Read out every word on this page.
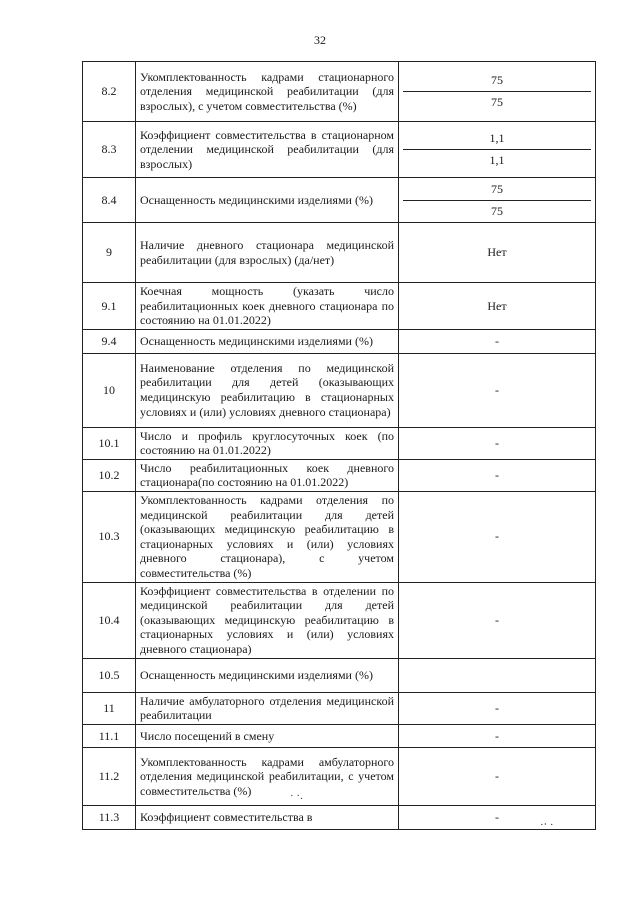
32
8.2	Укомплектованность кадрами стационарного отделения медицинской реабилитации (для взрослых), с учетом совместительства (%)	75
75

8.3	Коэффициент совместительства в стационарном отделении медицинской реабилитации (для взрослых)	1,1
1,1

8.4	Оснащенность медицинскими изделиями (%)	75
75

9	Наличие дневного стационара медицинской реабилитации (для взрослых) (да/нет)	Нет

9.1	Коечная мощность (указать число реабилитационных коек дневного стационара по состоянию на 01.01.2022)	Нет

9.4	Оснащенность медицинскими изделиями (%)	-

10	Наименование отделения по медицинской реабилитации для детей (оказывающих медицинскую реабилитацию в стационарных условиях и (или) условиях дневного стационара)	-

10.1	Число и профиль круглосуточных коек (по состоянию на 01.01.2022)	-

10.2	Число реабилитационных коек дневного стационара(по состоянию на 01.01.2022)	-

10.3	Укомплектованность кадрами отделения по медицинской реабилитации для детей (оказывающих медицинскую реабилитацию в стационарных условиях и (или) условиях дневного стационара), с учетом совместительства (%)	-

10.4	Коэффициент совместительства в отделении по медицинской реабилитации для детей (оказывающих медицинскую реабилитацию в стационарных условиях и (или) условиях дневного стационара)	-

10.5	Оснащенность медицинскими изделиями (%)	

11	Наличие амбулаторного отделения медицинской реабилитации	-

11.1	Число посещений в смену	-

11.2	Укомплектованность кадрами амбулаторного отделения медицинской реабилитации, с учетом совместительства (%)	-

11.3	Коэффициент совместительства в	-
· ·.
·‧ ·
